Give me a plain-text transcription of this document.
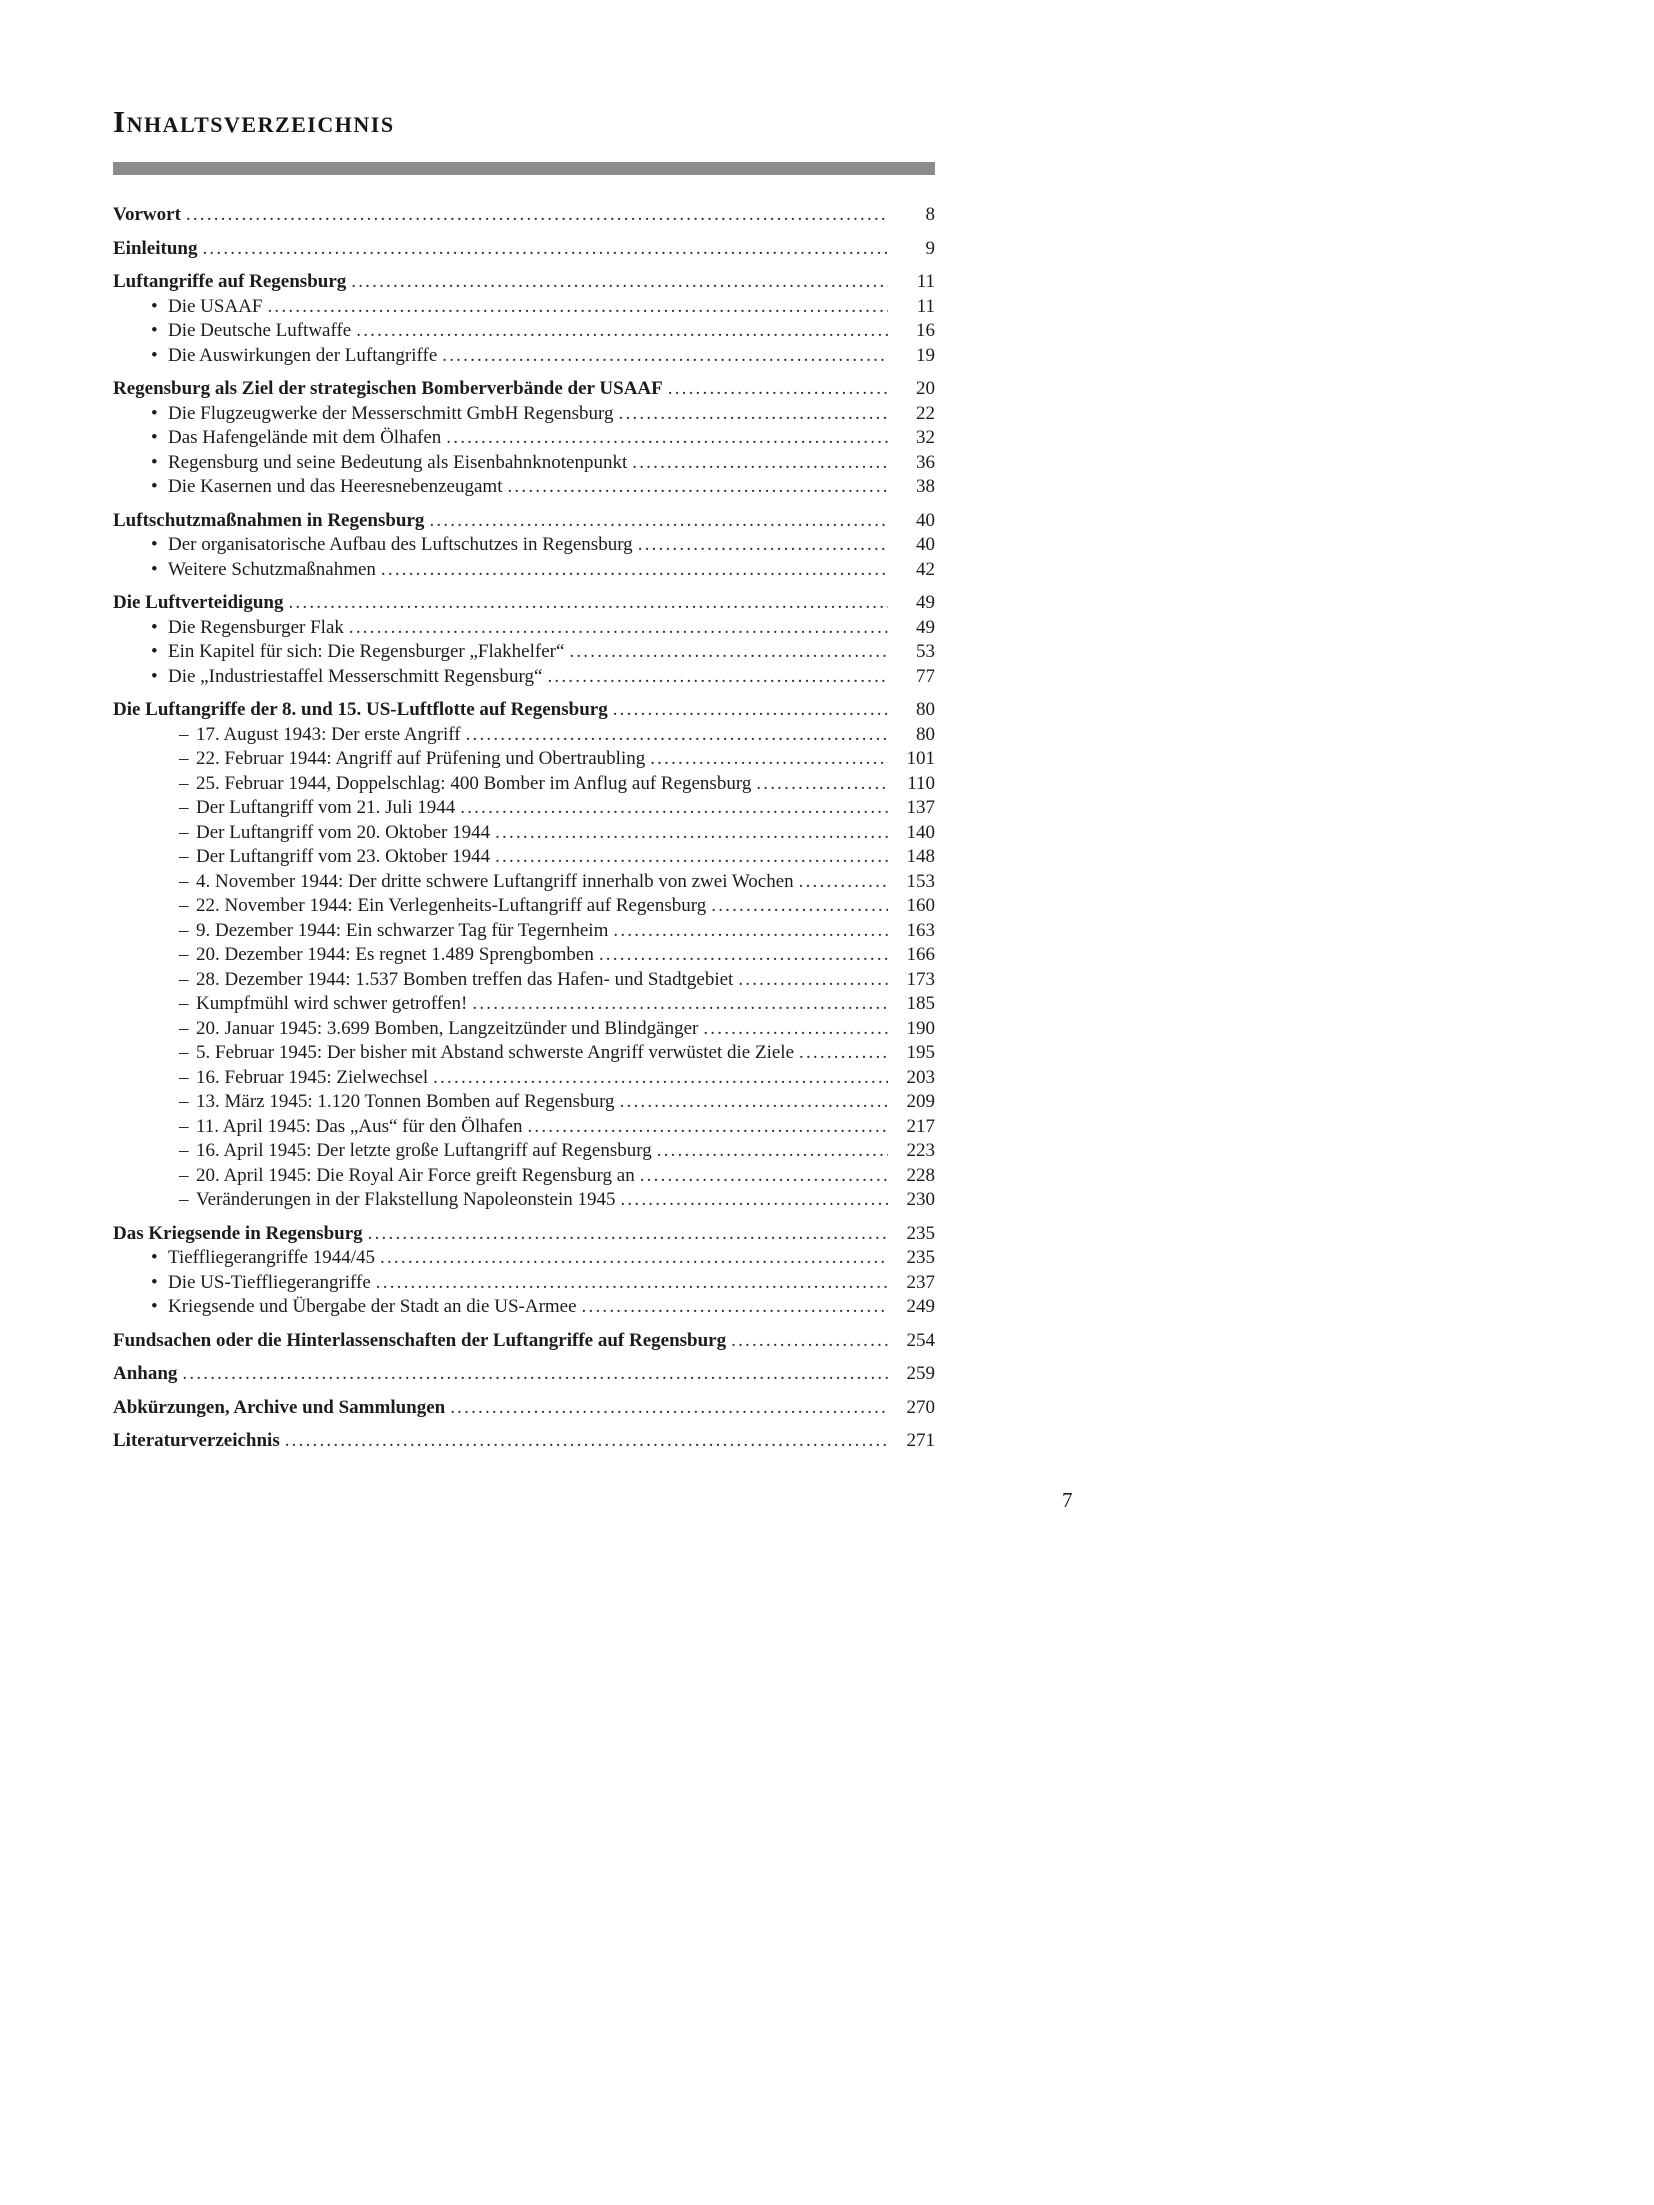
Inhaltsverzeichnis
Vorwort .....	8
Einleitung .....	9
Luftangriffe auf Regensburg .....	11
• Die USAAF .....	11
• Die Deutsche Luftwaffe .....	16
• Die Auswirkungen der Luftangriffe .....	19
Regensburg als Ziel der strategischen Bomberverbände der USAAF .....	20
• Die Flugzeugwerke der Messerschmitt GmbH Regensburg .....	22
• Das Hafengelände mit dem Ölhafen .....	32
• Regensburg und seine Bedeutung als Eisenbahnknotenpunkt .....	36
• Die Kasernen und das Heeresnebenzeugamt .....	38
Luftschutzmaßnahmen in Regensburg .....	40
• Der organisatorische Aufbau des Luftschutzes in Regensburg .....	40
• Weitere Schutzmaßnahmen .....	42
Die Luftverteidigung .....	49
• Die Regensburger Flak .....	49
• Ein Kapitel für sich: Die Regensburger „Flakhelfer“ .....	53
• Die „Industriestaffel Messerschmitt Regensburg“ .....	77
Die Luftangriffe der 8. und 15. US-Luftflotte auf Regensburg .....	80
– 17. August 1943: Der erste Angriff .....	80
– 22. Februar 1944: Angriff auf Prüfening und Obertraubling .....	101
– 25. Februar 1944, Doppelschlag: 400 Bomber im Anflug auf Regensburg .....	110
– Der Luftangriff vom 21. Juli 1944 .....	137
– Der Luftangriff vom 20. Oktober 1944 .....	140
– Der Luftangriff vom 23. Oktober 1944 .....	148
– 4. November 1944: Der dritte schwere Luftangriff innerhalb von zwei Wochen .....	153
– 22. November 1944: Ein Verlegenheits-Luftangriff auf Regensburg .....	160
– 9. Dezember 1944: Ein schwarzer Tag für Tegernheim .....	163
– 20. Dezember 1944: Es regnet 1.489 Sprengbomben .....	166
– 28. Dezember 1944: 1.537 Bomben treffen das Hafen- und Stadtgebiet .....	173
– Kumpfmühl wird schwer getroffen! .....	185
– 20. Januar 1945: 3.699 Bomben, Langzeitzünder und Blindgänger .....	190
– 5. Februar 1945: Der bisher mit Abstand schwerste Angriff verwüstet die Ziele .....	195
– 16. Februar 1945: Zielwechsel .....	203
– 13. März 1945: 1.120 Tonnen Bomben auf Regensburg .....	209
– 11. April 1945: Das „Aus“ für den Ölhafen .....	217
– 16. April 1945: Der letzte große Luftangriff auf Regensburg .....	223
– 20. April 1945: Die Royal Air Force greift Regensburg an .....	228
– Veränderungen in der Flakstellung Napoleonstein 1945 .....	230
Das Kriegsende in Regensburg .....	235
• Tieffliegerangriffe 1944/45 .....	235
• Die US-Tieffliegerangriffe .....	237
• Kriegsende und Übergabe der Stadt an die US-Armee .....	249
Fundsachen oder die Hinterlassenschaften der Luftangriffe auf Regensburg .....	254
Anhang .....	259
Abkürzungen, Archive und Sammlungen .....	270
Literaturverzeichnis .....	271
7
